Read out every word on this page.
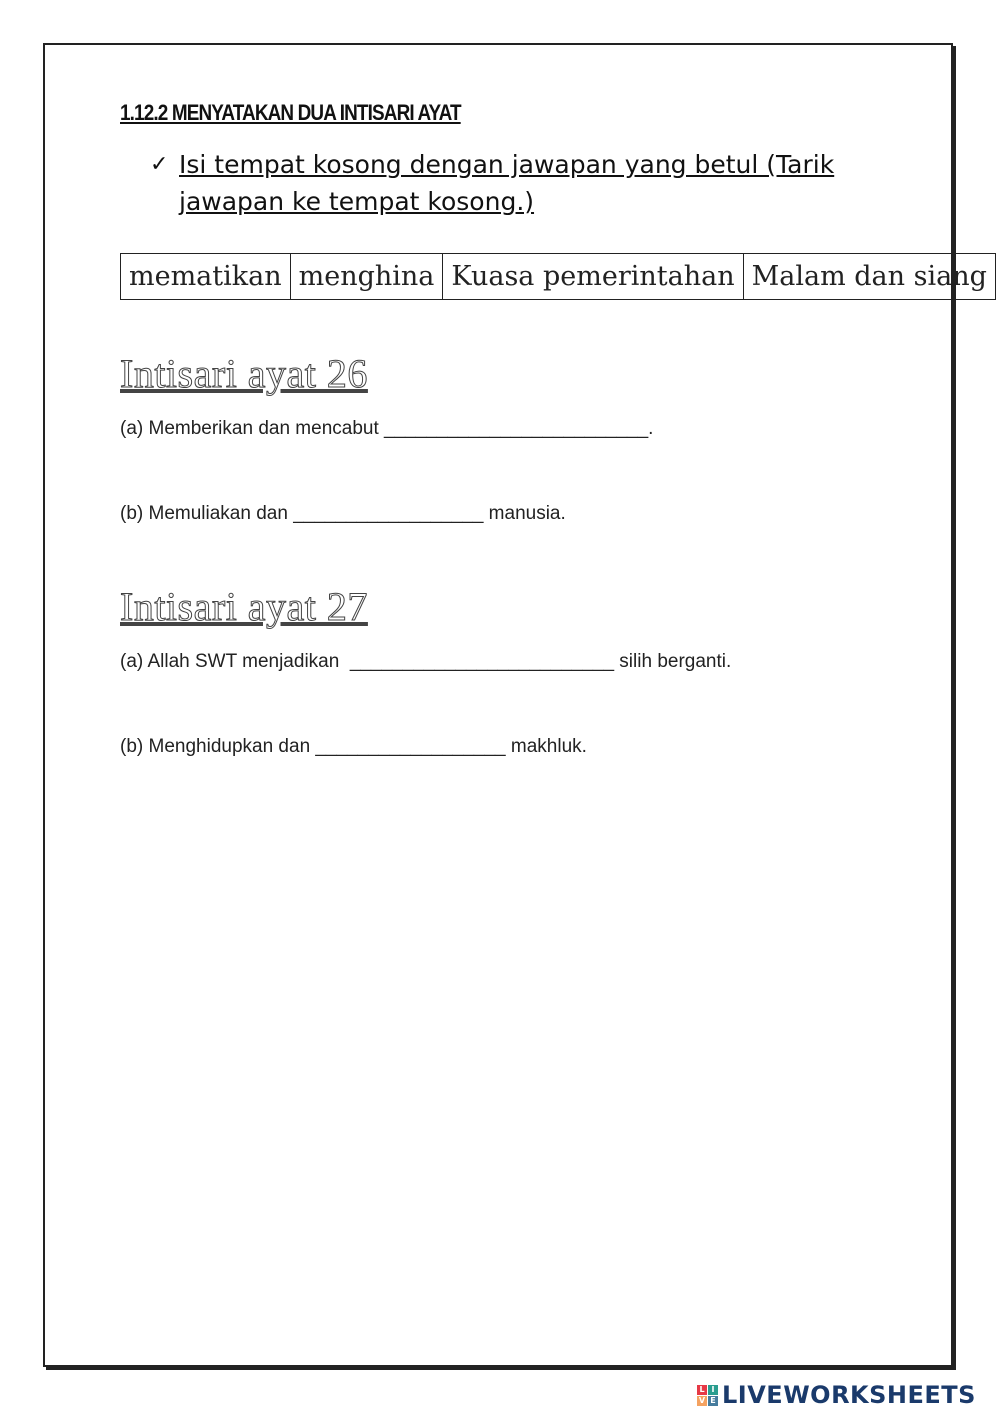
1.12.2 MENYATAKAN DUA INTISARI AYAT
✓ Isi tempat kosong dengan jawapan yang betul (Tarik jawapan ke tempat kosong.)
mematikan	menghina	Kuasa pemerintahan	Malam dan siang
Intisari ayat 26
(a) Memberikan dan mencabut _________________________.
(b) Memuliakan dan __________________ manusia.
Intisari ayat 27
(a) Allah SWT menjadikan  _________________________ silih berganti.
(b) Menghidupkan dan __________________ makhluk.
L I
V E LIVEWORKSHEETS
